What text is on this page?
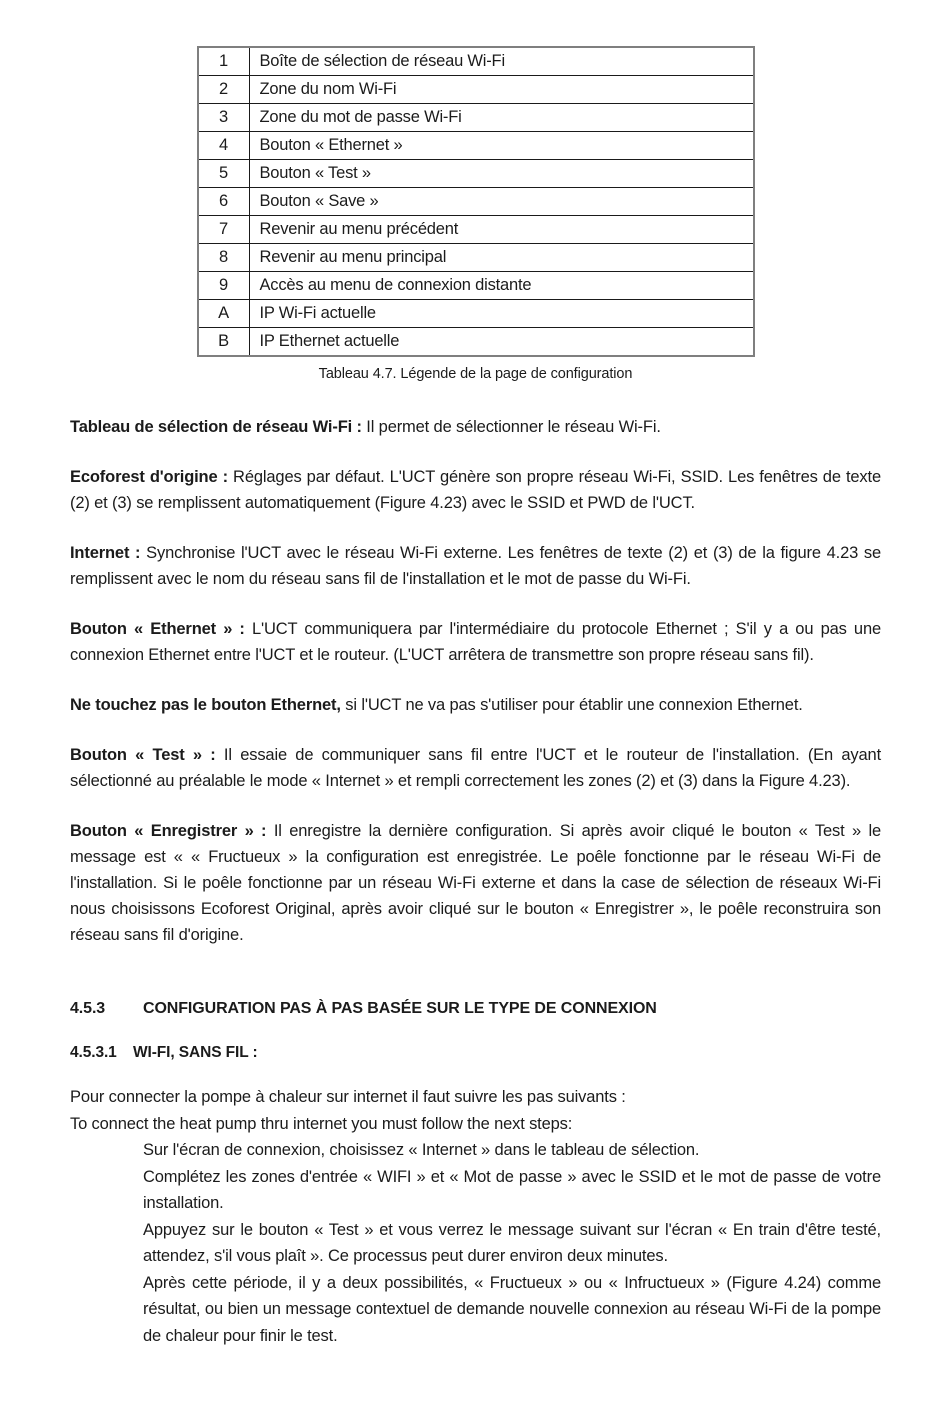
1	Boîte de sélection de réseau Wi-Fi
2	Zone du nom Wi-Fi
3	Zone du mot de passe Wi-Fi
4	Bouton « Ethernet »
5	Bouton « Test »
6	Bouton « Save »
7	Revenir au menu précédent
8	Revenir au menu principal
9	Accès au menu de connexion distante
A	IP Wi-Fi actuelle
B	IP Ethernet actuelle
Tableau 4.7. Légende de la page de configuration

Tableau de sélection de réseau Wi-Fi : Il permet de sélectionner le réseau Wi-Fi.

Ecoforest d'origine : Réglages par défaut. L'UCT génère son propre réseau Wi-Fi, SSID. Les fenêtres de texte (2) et (3) se remplissent automatiquement (Figure 4.23) avec le SSID et PWD de l'UCT.

Internet : Synchronise l'UCT avec le réseau Wi-Fi externe. Les fenêtres de texte (2) et (3) de la figure 4.23 se remplissent avec le nom du réseau sans fil de l'installation et le mot de passe du Wi-Fi.

Bouton « Ethernet » : L'UCT communiquera par l'intermédiaire du protocole Ethernet ; S'il y a ou pas une connexion Ethernet entre l'UCT et le routeur. (L'UCT arrêtera de transmettre son propre réseau sans fil).

Ne touchez pas le bouton Ethernet, si l'UCT ne va pas s'utiliser pour établir une connexion Ethernet.

Bouton « Test » : Il essaie de communiquer sans fil entre l'UCT et le routeur de l'installation. (En ayant sélectionné au préalable le mode « Internet » et rempli correctement les zones (2) et (3) dans la Figure 4.23).

Bouton « Enregistrer » : Il enregistre la dernière configuration. Si après avoir cliqué le bouton « Test » le message est « « Fructueux » la configuration est enregistrée. Le poêle fonctionne par le réseau Wi-Fi de l'installation. Si le poêle fonctionne par un réseau Wi-Fi externe et dans la case de sélection de réseaux Wi-Fi nous choisissons Ecoforest Original, après avoir cliqué sur le bouton « Enregistrer », le poêle reconstruira son réseau sans fil d'origine.

4.5.3 CONFIGURATION PAS À PAS BASÉE SUR LE TYPE DE CONNEXION
4.5.3.1 WI-FI, SANS FIL :
Pour connecter la pompe à chaleur sur internet il faut suivre les pas suivants :
To connect the heat pump thru internet you must follow the next steps:

Sur l'écran de connexion, choisissez « Internet » dans le tableau de sélection.

Complétez les zones d'entrée « WIFI » et « Mot de passe » avec le SSID et le mot de passe de votre installation.

Appuyez sur le bouton « Test » et vous verrez le message suivant sur l'écran « En train d'être testé, attendez, s'il vous plaît ». Ce processus peut durer environ deux minutes.

Après cette période, il y a deux possibilités, « Fructueux » ou « Infructueux » (Figure 4.24) comme résultat, ou bien un message contextuel de demande nouvelle connexion au réseau Wi-Fi de la pompe de chaleur pour finir le test.
